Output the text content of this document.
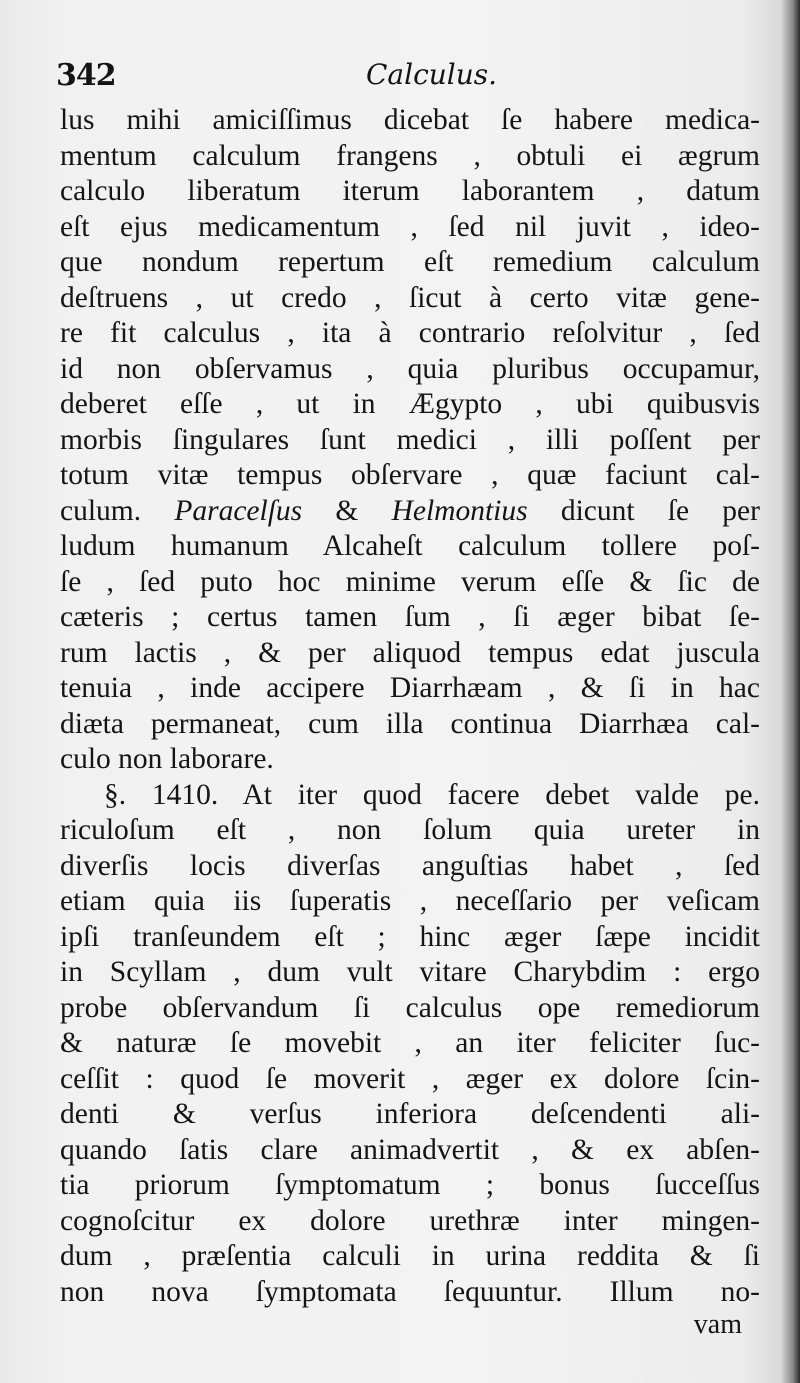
342	Calculus.
lus mihi amiciſſimus dicebat ſe habere medica-
mentum calculum frangens , obtuli ei ægrum
calculo liberatum iterum laborantem , datum
eſt ejus medicamentum , ſed nil juvit , ideo-
que nondum repertum eſt remedium calculum
deſtruens , ut credo , ſicut à certo vitæ gene-
re fit calculus , ita à contrario reſolvitur , ſed
id non obſervamus , quia pluribus occupamur,
deberet eſſe , ut in Ægypto , ubi quibusvis
morbis ſingulares ſunt medici , illi poſſent per
totum vitæ tempus obſervare , quæ faciunt cal-
culum. Paracelſus & Helmontius dicunt ſe per
ludum humanum Alcaheſt calculum tollere poſ-
ſe , ſed puto hoc minime verum eſſe & ſic de
cæteris ; certus tamen ſum , ſi æger bibat ſe-
rum lactis , & per aliquod tempus edat juscula
tenuia , inde accipere Diarrhæam , & ſi in hac
diæta permaneat, cum illa continua Diarrhæa cal-
culo non laborare.
§. 1410. At iter quod facere debet valde pe.
riculoſum eſt , non ſolum quia ureter in
diverſis locis diverſas anguſtias habet , ſed
etiam quia iis ſuperatis , neceſſario per veſicam
ipſi tranſeundem eſt ; hinc æger ſæpe incidit
in Scyllam , dum vult vitare Charybdim : ergo
probe obſervandum ſi calculus ope remediorum
& naturæ ſe movebit , an iter feliciter ſuc-
ceſſit : quod ſe moverit , æger ex dolore ſcin-
denti & verſus inferiora deſcendenti ali-
quando ſatis clare animadvertit , & ex abſen-
tia priorum ſymptomatum ; bonus ſucceſſus
cognoſcitur ex dolore urethræ inter mingen-
dum , præſentia calculi in urina reddita & ſi
non nova ſymptomata ſequuntur. Illum no-
vam
